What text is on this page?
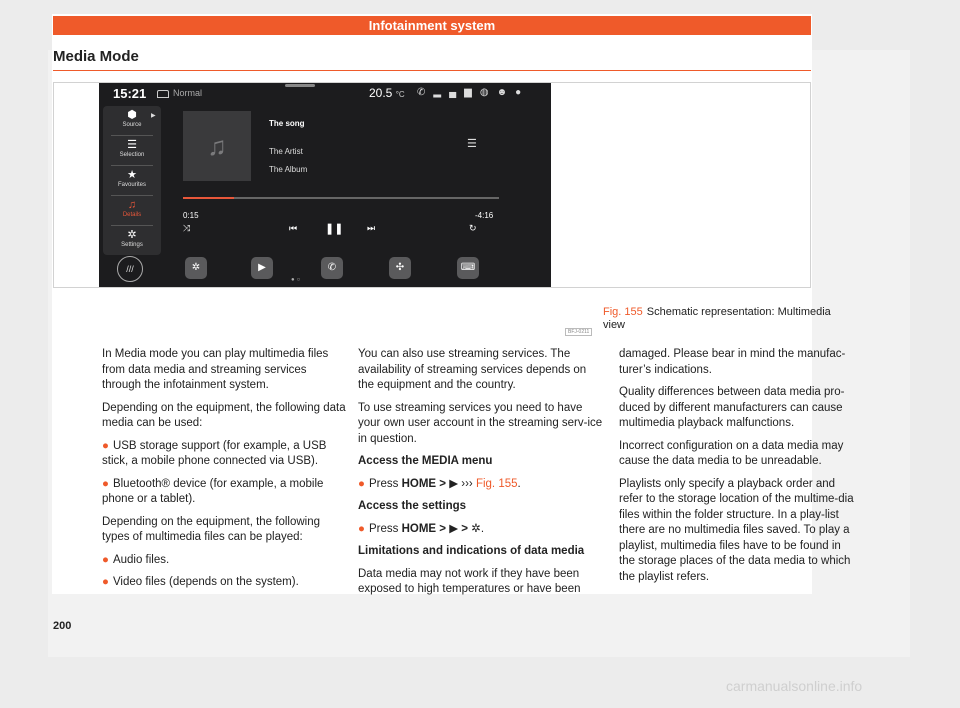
Infotainment system
Media Mode
15:21	Normal	20.5 °C ✆▂▄▆◍☻●
⬢
Source
▶
☰
Selection
★
Favourites
♫
Details
✲
Settings
♫
The song
The Artist
The Album
☰
0:15	-4:16
⤨	⏮	❚❚	⏭	↻
///	✲	▶	✆	✣	⌨
●○
BFJ-0211
Fig. 155 Schematic representation: Multimedia view

In Media mode you can play multimedia files from data media and streaming services through the infotainment system.

Depending on the equipment, the following data media can be used:

● USB storage support (for example, a USB stick, a mobile phone connected via USB).

● Bluetooth® device (for example, a mobile phone or a tablet).

Depending on the equipment, the following types of multimedia files can be played:

● Audio files.

● Video files (depends on the system).

You can also use streaming services. The availability of streaming services depends on the equipment and the country.

To use streaming services you need to have your own user account in the streaming serv-ice in question.

Access the MEDIA menu

● Press HOME > ▶ ››› Fig. 155.

Access the settings

● Press HOME > ▶ > ✲.

Limitations and indications of data media

Data media may not work if they have been exposed to high temperatures or have been

damaged. Please bear in mind the manufac-turer’s indications.

Quality differences between data media pro-duced by different manufacturers can cause multimedia playback malfunctions.

Incorrect configuration on a data media may cause the data media to be unreadable.

Playlists only specify a playback order and refer to the storage location of the multime-dia files within the folder structure. In a play-list there are no multimedia files saved. To play a playlist, multimedia files have to be found in the storage places of the data media to which the playlist refers.

200
carmanualsonline.info
